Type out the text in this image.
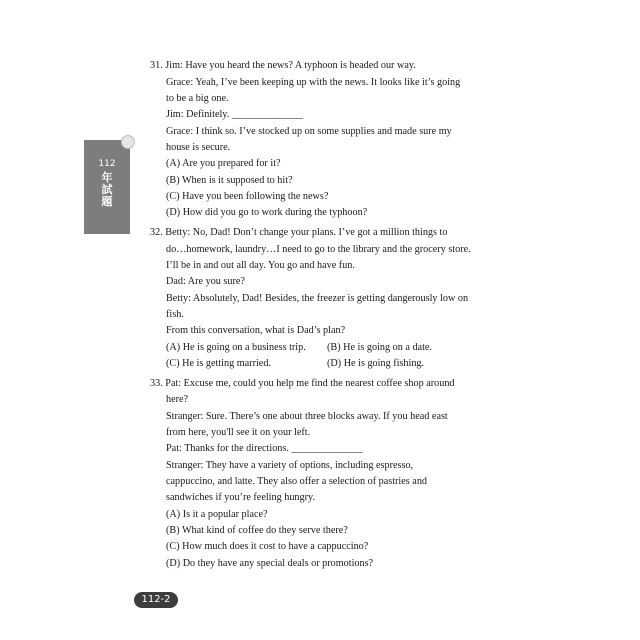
112
年
試
題
31. Jim: Have you heard the news? A typhoon is headed our way.
Grace: Yeah, I’ve been keeping up with the news. It looks like it’s going
to be a big one.
Jim: Definitely. ______________
Grace: I think so. I’ve stocked up on some supplies and made sure my
house is secure.
(A) Are you prepared for it?
(B) When is it supposed to hit?
(C) Have you been following the news?
(D) How did you go to work during the typhoon?
32. Betty: No, Dad! Don’t change your plans. I’ve got a million things to
do…homework, laundry…I need to go to the library and the grocery store.
I’ll be in and out all day. You go and have fun.
Dad: Are you sure?
Betty: Absolutely, Dad! Besides, the freezer is getting dangerously low on
fish.
From this conversation, what is Dad’s plan?
(A) He is going on a business trip. (B) He is going on a date.
(C) He is getting married.	(D) He is going fishing.
33. Pat: Excuse me, could you help me find the nearest coffee shop around
here?
Stranger: Sure. There’s one about three blocks away. If you head east
from here, you'll see it on your left.
Pat: Thanks for the directions. ______________
Stranger: They have a variety of options, including espresso,
cappuccino, and latte. They also offer a selection of pastries and
sandwiches if you’re feeling hungry.
(A) Is it a popular place?
(B) What kind of coffee do they serve there?
(C) How much does it cost to have a cappuccino?
(D) Do they have any special deals or promotions?
112-2
